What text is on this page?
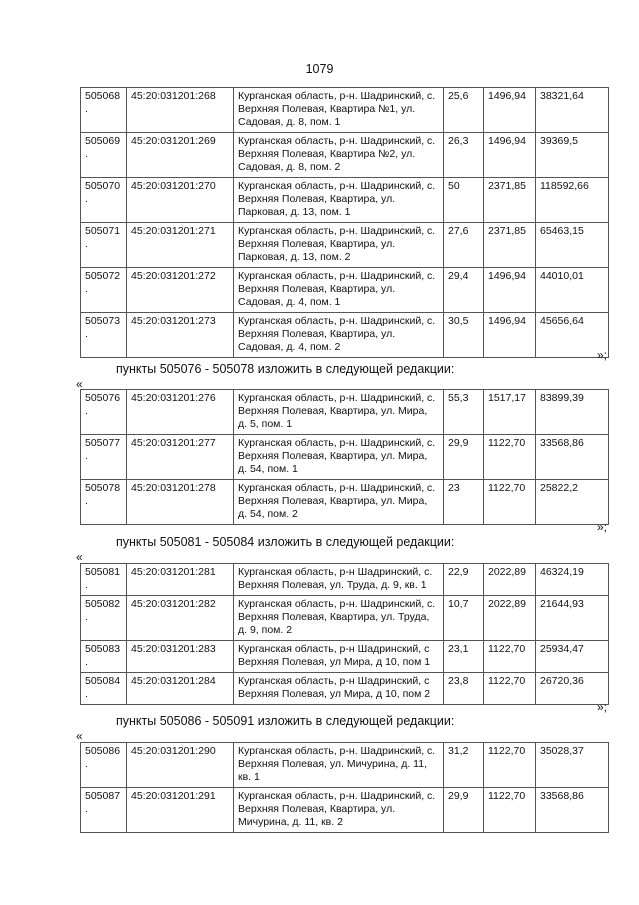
1079
505068.	45:20:031201:268	Курганская область, р-н. Шадринский, с. Верхняя Полевая, Квартира №1, ул. Садовая, д. 8, пом. 1	25,6	1496,94	38321,64
505069.	45:20:031201:269	Курганская область, р-н. Шадринский, с. Верхняя Полевая, Квартира №2, ул. Садовая, д. 8, пом. 2	26,3	1496,94	39369,5
505070.	45:20:031201:270	Курганская область, р-н. Шадринский, с. Верхняя Полевая, Квартира, ул. Парковая, д. 13, пом. 1	50	2371,85	118592,66
505071.	45:20:031201:271	Курганская область, р-н. Шадринский, с. Верхняя Полевая, Квартира, ул. Парковая, д. 13, пом. 2	27,6	2371,85	65463,15
505072.	45:20:031201:272	Курганская область, р-н. Шадринский, с. Верхняя Полевая, Квартира, ул. Садовая, д. 4, пом. 1	29,4	1496,94	44010,01
505073.	45:20:031201:273	Курганская область, р-н. Шадринский, с. Верхняя Полевая, Квартира, ул. Садовая, д. 4, пом. 2	30,5	1496,94	45656,64
»;
пункты 505076 - 505078 изложить в следующей редакции:
«
505076.	45:20:031201:276	Курганская область, р-н. Шадринский, с. Верхняя Полевая, Квартира, ул. Мира, д. 5, пом. 1	55,3	1517,17	83899,39
505077.	45:20:031201:277	Курганская область, р-н. Шадринский, с. Верхняя Полевая, Квартира, ул. Мира, д. 54, пом. 1	29,9	1122,70	33568,86
505078.	45:20:031201:278	Курганская область, р-н. Шадринский, с. Верхняя Полевая, Квартира, ул. Мира, д. 54, пом. 2	23	1122,70	25822,2
»;
пункты 505081 - 505084 изложить в следующей редакции:
«
505081.	45:20:031201:281	Курганская область, р-н Шадринский, с. Верхняя Полевая, ул. Труда, д. 9, кв. 1	22,9	2022,89	46324,19
505082.	45:20:031201:282	Курганская область, р-н. Шадринский, с. Верхняя Полевая, Квартира, ул. Труда, д. 9, пом. 2	10,7	2022,89	21644,93
505083.	45:20:031201:283	Курганская область, р-н Шадринский, с Верхняя Полевая, ул Мира, д 10, пом 1	23,1	1122,70	25934,47
505084.	45:20:031201:284	Курганская область, р-н Шадринский, с Верхняя Полевая, ул Мира, д 10, пом 2	23,8	1122,70	26720,36
»;
пункты 505086 - 505091 изложить в следующей редакции:
«
505086.	45:20:031201:290	Курганская область, р-н. Шадринский, с. Верхняя Полевая, ул. Мичурина, д. 11, кв. 1	31,2	1122,70	35028,37
505087.	45:20:031201:291	Курганская область, р-н. Шадринский, с. Верхняя Полевая, Квартира, ул. Мичурина, д. 11, кв. 2	29,9	1122,70	33568,86
